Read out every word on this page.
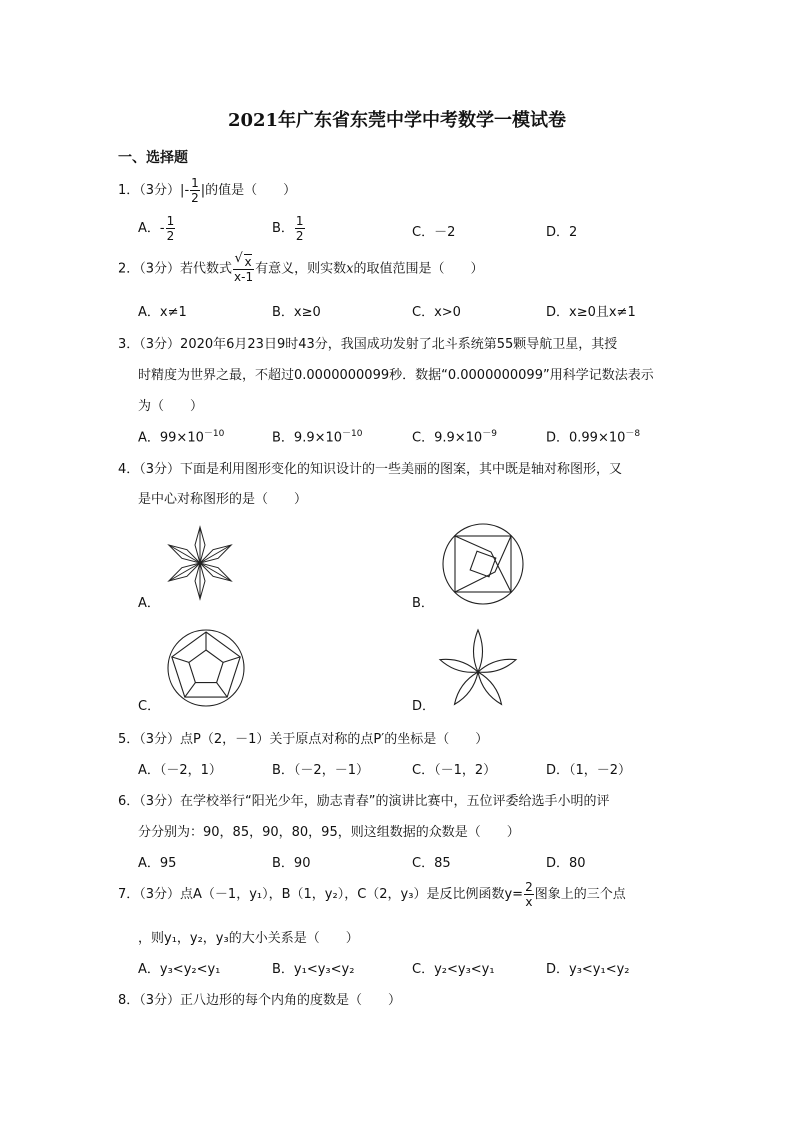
2021年广东省东莞中学中考数学一模试卷
一、选择题
1．（3分）|- $\frac{1}{2}$ |的值是（　　）
A．- $\frac{1}{2}$	B． $\frac{1}{2}$	C．－2	D．2
2．（3分）若代数式
√ $\frac{x}{x-1}$ 有意义，则实数x的取值范围是（　　）
A．x≠1	B．x≥0	C．x>0	D．x≥0且x≠1
3．（3分）2020年6月23日9时43分，我国成功发射了北斗系统第55颗导航卫星，其授
时精度为世界之最，不超过0.0000000099秒．数据“0.0000000099”用科学记数法表示
为（　　）
A．$99\times 10^{-10}$	B．$9.9\times 10^{-10}$	C．$9.9\times 10^{-9}$	D．$0.99\times 10^{-8}$
4．（3分）下面是利用图形变化的知识设计的一些美丽的图案，其中既是轴对称图形，又
是中心对称图形的是（　　）
A．	B．
C．	D．
5．（3分）点P（2，－1）关于原点对称的点P′的坐标是（　　）
A．（－2，1）	B．（－2，－1）	C．（－1，2）	D．（1，－2）
6．（3分）在学校举行“阳光少年，励志青春”的演讲比赛中，五位评委给选手小明的评
分分别为：90，85，90，80，95，则这组数据的众数是（　　）
A．95	B．90	C．85	D．80
7．（3分）点A（－1，y₁），B（1，y₂），C（2，y₃）是反比例函数$y= \frac{2}{x}$ 图象上的三个点
，则y₁，y₂，y₃的大小关系是（　　）
A．y₃<y₂<y₁	B．y₁<y₃<y₂	C．y₂<y₃<y₁	D．y₃<y₁<y₂
8．（3分）正八边形的每个内角的度数是（　　）
